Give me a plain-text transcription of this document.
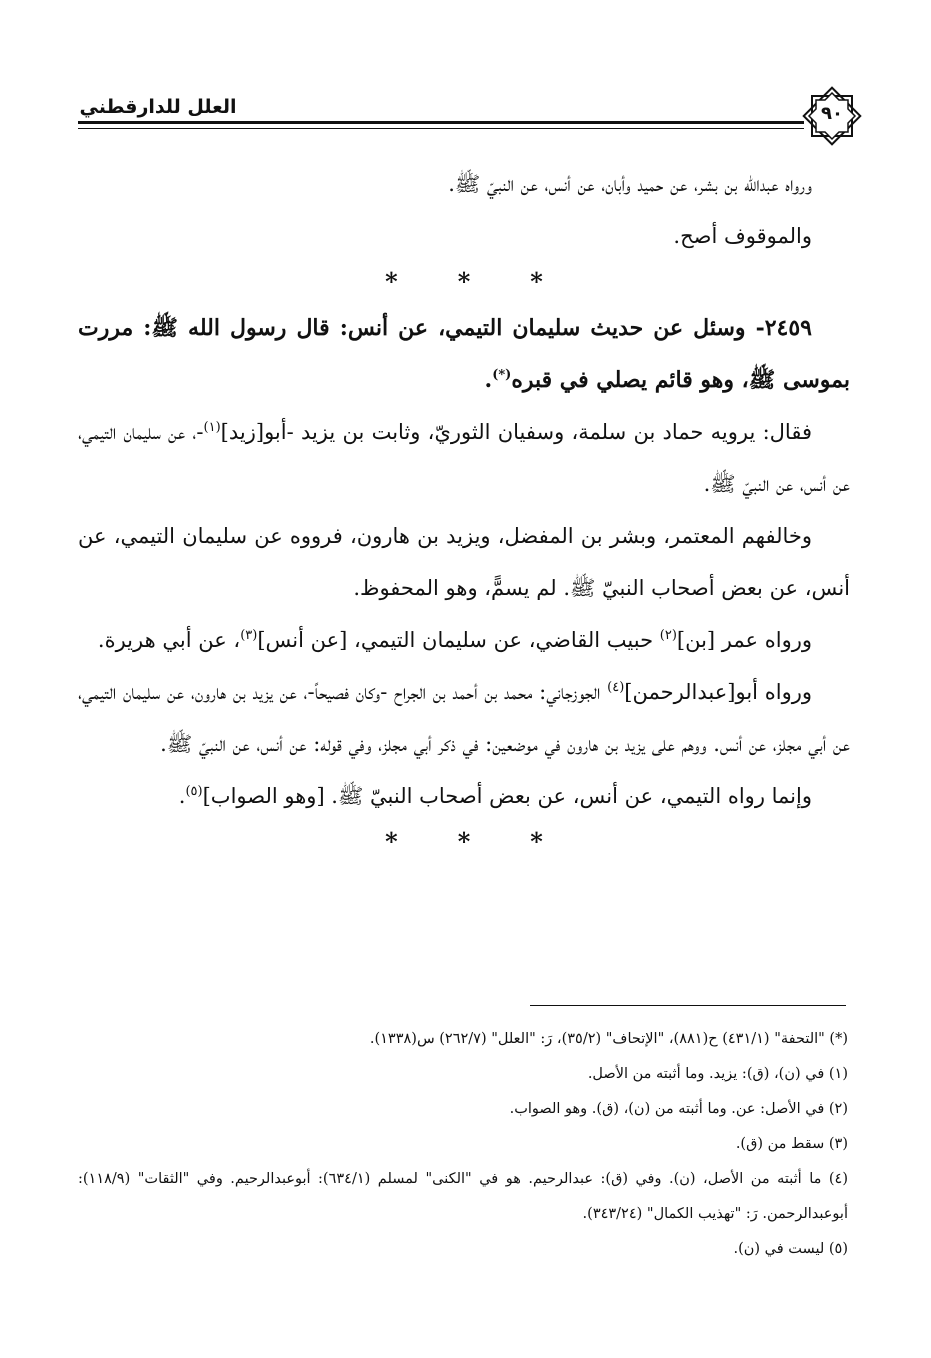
العلل للدارقطني	٩٠

ورواه عبدالله بن بشر، عن حميد وأبان، عن أنس، عن النبيّ ﷺ.

والموقوف أصح.

*	*	*

٢٤٥٩- وسئل عن حديث سليمان التيمي، عن أنس: قال رسول الله ﷺ: مررت بموسى ﷺ، وهو قائم يصلي في قبره(*).

فقال: يرويه حماد بن سلمة، وسفيان الثوريّ، وثابت بن يزيد -أبو[زيد]$^{(١)}$-، عن سليمان التيمي، عن أنس، عن النبيّ ﷺ.

وخالفهم المعتمر، وبشر بن المفضل، ويزيد بن هارون، فرووه عن سليمان التيمي، عن أنس، عن بعض أصحاب النبيّ ﷺ. لم يسمًّ، وهو المحفوظ.

ورواه عمر [بن]$^{(٢)}$ حبيب القاضي، عن سليمان التيمي، [عن أنس]$^{(٣)}$، عن أبي هريرة.

ورواه أبو[عبدالرحمن]$^{(٤)}$ الجوزجاني: محمد بن أحمد بن الجراح -وكان فصيحاً-، عن يزيد بن هارون، عن سليمان التيمي، عن أبي مجلز، عن أنس. ووهم على يزيد بن هارون في موضعين: في ذكر أبي مجلز، وفي قوله: عن أنس، عن النبيّ ﷺ.

وإنما رواه التيمي، عن أنس، عن بعض أصحاب النبيّ ﷺ. [وهو الصواب]$^{(٥)}$.

*	*	*

(*) "التحفة" (٤٣١/١) ح(٨٨١)، "الإتحاف" (٣٥/٢)، رَ: "العلل" (٢٦٢/٧) س(١٣٣٨).

(١) في (ن)، (ق): يزيد. وما أثبته من الأصل.

(٢) في الأصل: عن. وما أثبته من (ن)، (ق). وهو الصواب.

(٣) سقط من (ق).

(٤) ما أثبته من الأصل، (ن). وفي (ق): عبدالرحيم. هو في "الكنى" لمسلم (٦٣٤/١): أبوعبدالرحيم. وفي "الثقات" (١١٨/٩): أبوعبدالرحمن. رَ: "تهذيب الكمال" (٣٤٣/٢٤).

(٥) ليست في (ن).
